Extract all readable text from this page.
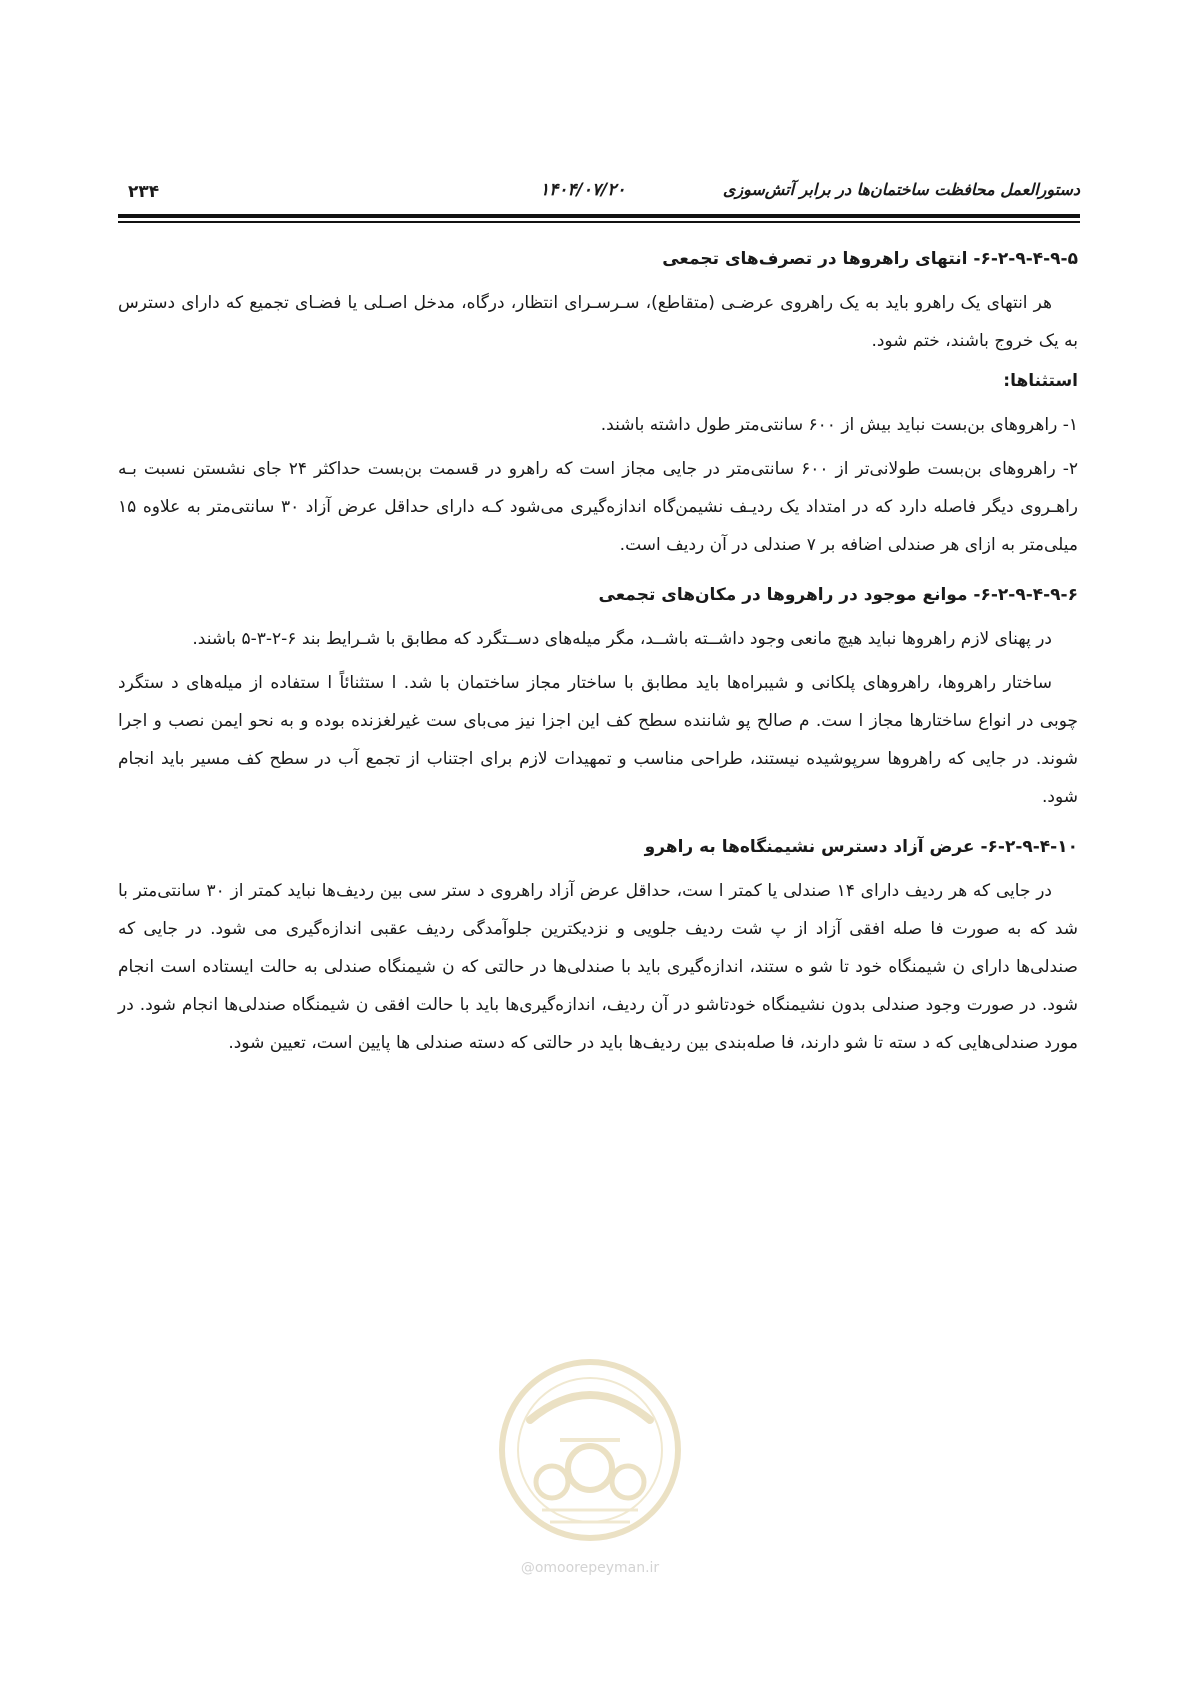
۲۳۴	۱۴۰۴/۰۷/۲۰	دستورالعمل محافظت ساختمان‌ها در برابر آتش‌سوزی
۶-۲-۹-۴-۹-۵- انتهای راهروها در تصرف‌های تجمعی

هر انتهای یک راهرو باید به یک راهروی عرضـی (متقاطع)، سـرسـرای انتظار، درگاه، مدخل اصـلی یا فضـای تجمیع که دارای دسترس به یک خروج باشند، ختم شود.

استثناها:

۱- راهروهای بن‌بست نباید بیش از ۶۰۰ سانتی‌متر طول داشته باشند.

۲- راهروهای بن‌بست طولانی‌تر از ۶۰۰ سانتی‌متر در جایی مجاز است که راهرو در قسمت بن‌بست حداکثر ۲۴ جای نشستن نسبت بـه راهـروی دیگر فاصله دارد که در امتداد یک ردیـف نشیمن‌گاه اندازه‌گیری می‌شود کـه دارای حداقل عرض آزاد ۳۰ سانتی‌متر به علاوه ۱۵ میلی‌متر به ازای هر صندلی اضافه بر ۷ صندلی در آن ردیف است.

۶-۲-۹-۴-۹-۶- موانع موجود در راهروها در مکان‌های تجمعی

در پهنای لازم راهروها نباید هیچ مانعی وجود داشــته باشــد، مگر میله‌های دســتگرد که مطابق با شـرایط بند ۶-۲-۳-۵ باشند.

ساختار راهروها، راهروهای پلکانی و شیبراه‌ها باید مطابق با ساختار مجاز ساختمان با شد. ا ستثنائاً ا ستفاده از میله‌های د ستگرد چوبی در انواع ساختارها مجاز ا ست. م صالح پو شاننده سطح کف این اجزا نیز می‌بای ست غیرلغزنده بوده و به نحو ایمن نصب و اجرا شوند. در جایی که راهروها سرپوشیده نیستند، طراحی مناسب و تمهیدات لازم برای اجتناب از تجمع آب در سطح کف مسیر باید انجام شود.

۶-۲-۹-۴-۱۰- عرض آزاد دسترس نشیمنگاه‌ها به راهرو

در جایی که هر ردیف دارای ۱۴ صندلی یا کمتر ا ست، حداقل عرض آزاد راهروی د ستر سی بین ردیف‌ها نباید کمتر از ۳۰ سانتی‌متر با شد که به صورت فا صله افقی آزاد از پ شت ردیف جلویی و نزدیکترین جلوآمدگی ردیف عقبی اندازه‌گیری می شود. در جایی که صندلی‌ها دارای ن شیمنگاه خود تا شو ه ستند، اندازه‌گیری باید با صندلی‌ها در حالتی که ن شیمنگاه صندلی به حالت ایستاده است انجام شود. در صورت وجود صندلی بدون نشیمنگاه خودتاشو در آن ردیف، اندازه‌گیری‌ها باید با حالت افقی ن شیمنگاه صندلی‌ها انجام شود. در مورد صندلی‌هایی که د سته تا شو دارند، فا صله‌بندی بین ردیف‌ها باید در حالتی که دسته صندلی ها پایین است، تعیین شود.

@omoorepeyman.ir
